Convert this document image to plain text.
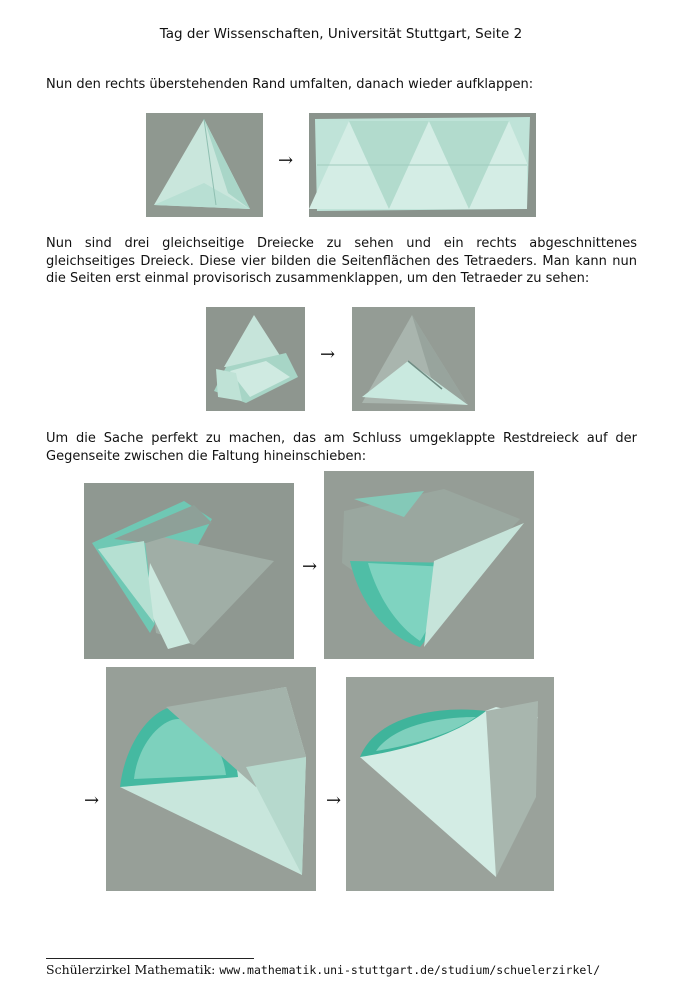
Tag der Wissenschaften, Universität Stuttgart, Seite 2
Nun den rechts überstehenden Rand umfalten, danach wieder aufklappen:
→
Nun sind drei gleichseitige Dreiecke zu sehen und ein rechts abgeschnittenes gleichseitiges Dreieck. Diese vier bilden die Seitenflächen des Tetraeders. Man kann nun die Seiten erst einmal provisorisch zusammenklappen, um den Tetraeder zu sehen:
→
Um die Sache perfekt zu machen, das am Schluss umgeklappte Restdreieck auf der Gegenseite zwischen die Faltung hineinschieben:
→
→	→
Schülerzirkel Mathematik: www.mathematik.uni-stuttgart.de/studium/schuelerzirkel/
